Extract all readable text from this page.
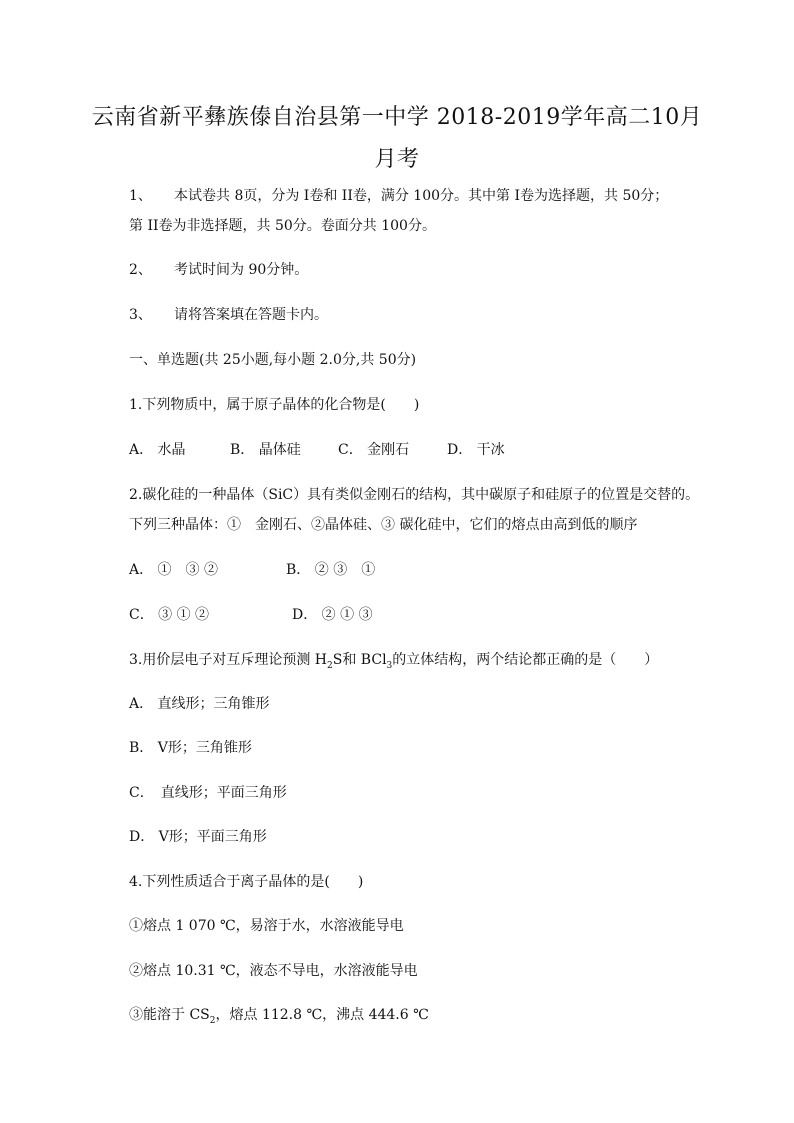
云南省新平彝族傣自治县第一中学 2018-2019学年高二10月
月考
1、 本试卷共 8页，分为 I卷和 II卷，满分 100分。其中第 I卷为选择题，共 50分；
第 II卷为非选择题，共 50分。卷面分共 100分。
2、 考试时间为 90分钟。
3、 请将答案填在答题卡内。
一、单选题(共 25小题,每小题 2.0分,共 50分)
1.下列物质中，属于原子晶体的化合物是(　　)
A． 水晶	B． 晶体硅	C． 金刚石	D． 干冰
2.碳化硅的一种晶体（SiC）具有类似金刚石的结构，其中碳原子和硅原子的位置是交替的。
下列三种晶体：①　金刚石、②晶体硅、③ 碳化硅中，它们的熔点由高到低的顺序
A． ①　③ ②	B． ② ③　①
C． ③ ① ②	D． ② ① ③
3.用价层电子对互斥理论预测 $H_2S$和 BCl$_3$的立体结构，两个结论都正确的是（　　）
A． 直线形；三角锥形
B． V形；三角锥形
C．　直线形；平面三角形
D． V形；平面三角形
4.下列性质适合于离子晶体的是(　　)
①熔点 1 070 ℃，易溶于水，水溶液能导电
②熔点 10.31 ℃，液态不导电，水溶液能导电
③能溶于 $CS_2$，熔点 112.8 ℃，沸点 444.6 ℃
